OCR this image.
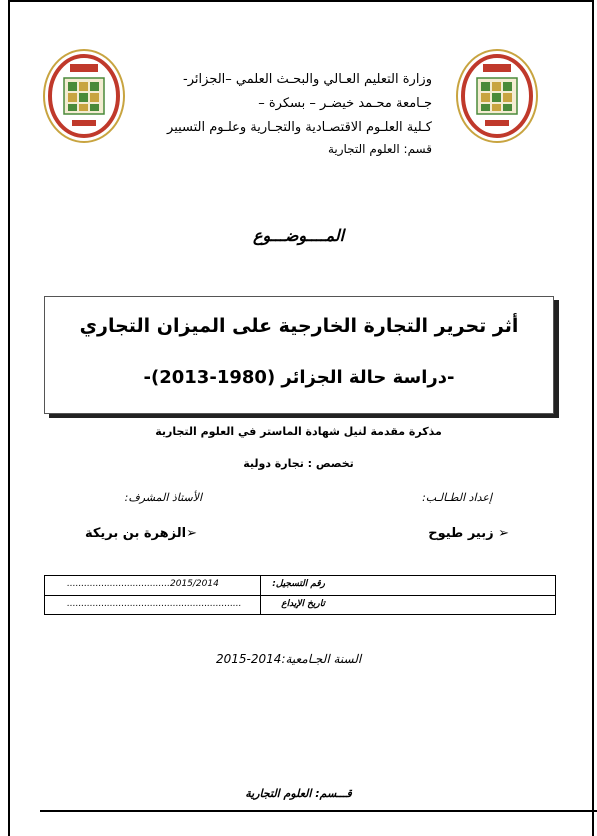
وزارة التعليم العـالي والبحـث العلمي –الجزائر-
جـامعة محـمد خيضـر – بسكرة –
كـلية العلـوم الاقتصـادية والتجـارية وعلـوم التسيير
قسم: العلوم التجارية
المــــوضـــوع
أثر تحرير التجارة الخارجية على الميزان التجاري
-دراسة حالة الجزائر (1980-2013)-
مذكرة مقدمة لنيل شهادة الماستر في العلوم التجارية
تخصص : تجارة دولية
إعداد الطـالـب:
الأستاذ المشرف:
➢ زبير طيوح
➢الزهرة بن بريكة
رقم التسجيل:
....................................2015/2014
تاريخ الإيداع
.............................................................
السنة الجـامعية:2014-2015
قـــسم: العلوم التجارية
